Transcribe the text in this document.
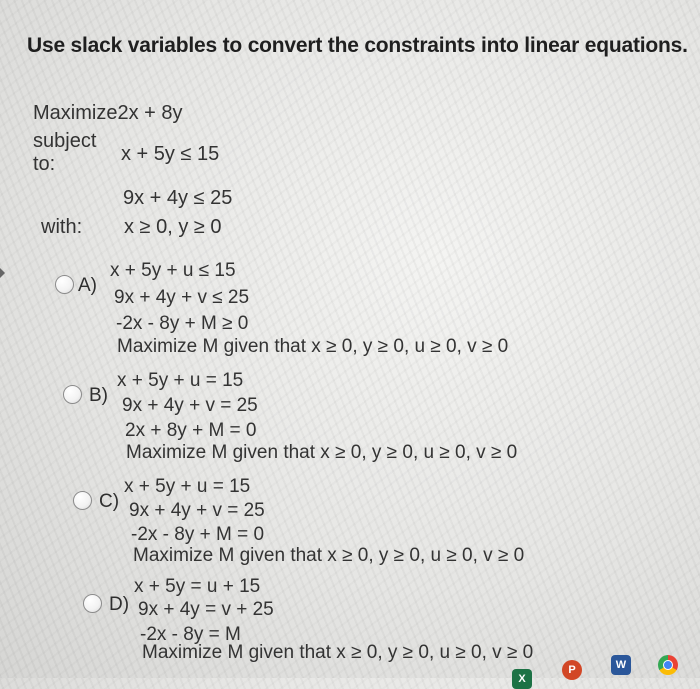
Use slack variables to convert the constraints into linear equations.
Maximize2x + 8y
subject to:	x + 5y ≤ 15
9x + 4y ≤ 25
with: x ≥ 0, y ≥ 0
A)
x + 5y + u ≤ 15
9x + 4y + v ≤ 25
-2x - 8y + M ≥ 0
Maximize M given that x ≥ 0, y ≥ 0, u ≥ 0, v ≥ 0
B)
x + 5y + u = 15
9x + 4y + v = 25
2x + 8y + M = 0
Maximize M given that x ≥ 0, y ≥ 0, u ≥ 0, v ≥ 0
C)
x + 5y + u = 15
9x + 4y + v = 25
-2x - 8y + M = 0
Maximize M given that x ≥ 0, y ≥ 0, u ≥ 0, v ≥ 0
D)
x + 5y = u + 15
9x + 4y = v + 25
-2x - 8y = M
Maximize M given that x ≥ 0, y ≥ 0, u ≥ 0, v ≥ 0
X
P	W
